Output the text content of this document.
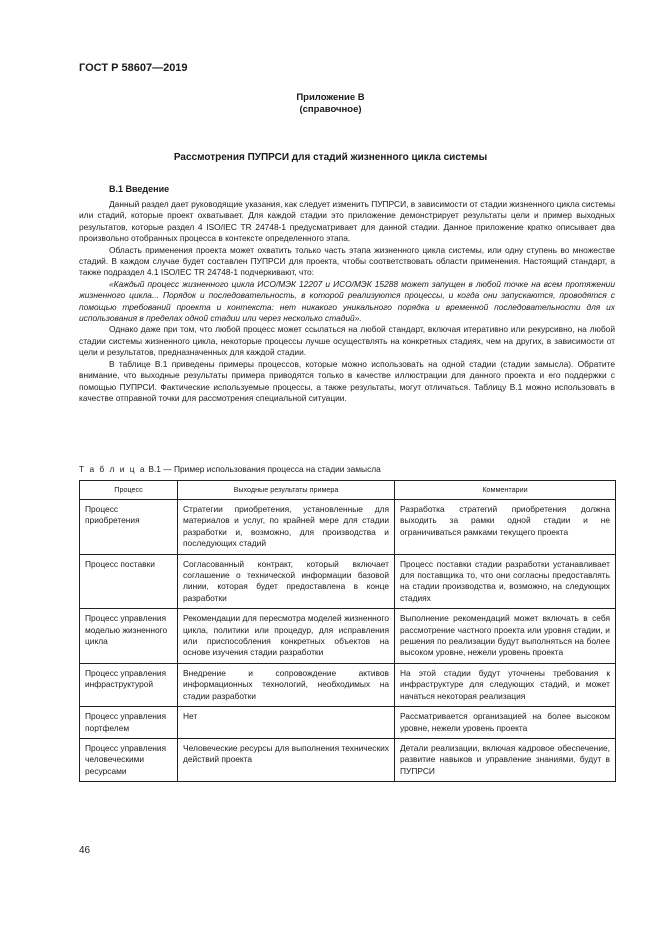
ГОСТ Р 58607—2019
Приложение В
(справочное)
Рассмотрения ПУПРСИ для стадий жизненного цикла системы
В.1 Введение

Данный раздел дает руководящие указания, как следует изменить ПУПРСИ, в зависимости от стадии жизненного цикла системы или стадий, которые проект охватывает. Для каждой стадии это приложение демонстрирует результаты цели и пример выходных результатов, которые раздел 4 ISO/IEC TR 24748-1 предусматривает для данной стадии. Данное приложение кратко описывает два произвольно отобранных процесса в контексте определенного этапа.

Область применения проекта может охватить только часть этапа жизненного цикла системы, или одну ступень во множестве стадий. В каждом случае будет составлен ПУПРСИ для проекта, чтобы соответствовать области применения. Настоящий стандарт, а также подраздел 4.1 ISO/IEC TR 24748-1 подчеркивают, что:

«Каждый процесс жизненного цикла ИСО/МЭК 12207 и ИСО/МЭК 15288 может запущен в любой точке на всем протяжении жизненного цикла... Порядок и последовательность, в которой реализуются процессы, и когда они запускаются, проводятся с помощью требований проекта и контекста: нет никакого уникального порядка и временной последовательности для их использования в пределах одной стадии или через несколько стадий».

Однако даже при том, что любой процесс может ссылаться на любой стандарт, включая итеративно или рекурсивно, на любой стадии системы жизненного цикла, некоторые процессы лучше осуществлять на конкретных стадиях, чем на других, в зависимости от цели и результатов, предназначенных для каждой стадии.

В таблице В.1 приведены примеры процессов, которые можно использовать на одной стадии (стадии замысла). Обратите внимание, что выходные результаты примера приводятся только в качестве иллюстрации для данного проекта и его поддержки с помощью ПУПРСИ. Фактические используемые процессы, а также результаты, могут отличаться. Таблицу В.1 можно использовать в качестве отправной точки для рассмотрения специальной ситуации.

Т а б л и ц а В.1 — Пример использования процесса на стадии замысла
Процесс	Выходные результаты примера	Комментарии
Процесс приобретения	Стратегии приобретения, установленные для материалов и услуг, по крайней мере для стадии разработки и, возможно, для производства и последующих стадий	Разработка стратегий приобретения должна выходить за рамки одной стадии и не ограничиваться рамками текущего проекта
Процесс поставки	Согласованный контракт, который включает соглашение о технической информации базовой линии, которая будет предоставлена в конце разработки	Процесс поставки стадии разработки устанавливает для поставщика то, что они согласны предоставлять на стадии производства и, возможно, на следующих стадиях
Процесс управления моделью жизненного цикла	Рекомендации для пересмотра моделей жизненного цикла, политики или процедур, для исправления или приспособления конкретных объектов на основе изучения стадии разработки	Выполнение рекомендаций может включать в себя рассмотрение частного проекта или уровня стадии, и решения по реализации будут выполняться на более высоком уровне, нежели уровень проекта
Процесс управления инфраструктурой	Внедрение и сопровождение активов информационных технологий, необходимых на стадии разработки	На этой стадии будут уточнены требования к инфраструктуре для следующих стадий, и может начаться некоторая реализация
Процесс управления портфелем	Нет	Рассматривается организацией на более высоком уровне, нежели уровень проекта
Процесс управления человеческими ресурсами	Человеческие ресурсы для выполнения технических действий проекта	Детали реализации, включая кадровое обеспечение, развитие навыков и управление знаниями, будут в ПУПРСИ
46
